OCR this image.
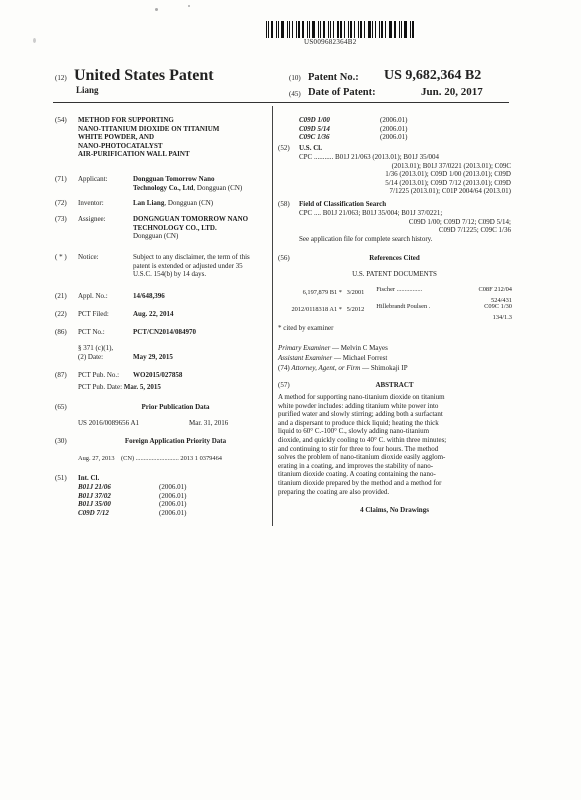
US009682364B2
(12) United States Patent
Liang
(10) Patent No.: US 9,682,364 B2
(45) Date of Patent:	Jun. 20, 2017
(54) METHOD FOR SUPPORTING
NANO-TITANIUM DIOXIDE ON TITANIUM
WHITE POWDER, AND
NANO-PHOTOCATALYST
AIR-PURIFICATION WALL PAINT
(71) Applicant:	Dongguan Tomorrow Nano
Technology Co., Ltd, Dongguan (CN)
(72) Inventor:	Lan Liang, Dongguan (CN)
(73) Assignee:	DONGNGUAN TOMORROW NANO
TECHNOLOGY CO., LTD.
Dongguan (CN)
( * ) Notice:	Subject to any disclaimer, the term of this
patent is extended or adjusted under 35
U.S.C. 154(b) by 14 days.
(21) Appl. No.:	14/648,396
(22) PCT Filed:	Aug. 22, 2014
(86) PCT No.:	PCT/CN2014/084970
§ 371 (c)(1),
(2) Date:	May 29, 2015
(87) PCT Pub. No.: WO2015/027858
PCT Pub. Date: Mar. 5, 2015
(65)	Prior Publication Data
US 2016/0089656 A1	Mar. 31, 2016
(30)	Foreign Application Priority Data
Aug. 27, 2013    (CN) ........................... 2013 1 0379464
(51) Int. Cl.
B01J 21/06	(2006.01)
B01J 37/02	(2006.01)
B01J 35/00	(2006.01)
C09D 7/12	(2006.01)
C09D 1/00	(2006.01)
C09D 5/14	(2006.01)
C09C 1/36	(2006.01)
(52) U.S. Cl.
CPC ........... B01J 21/063 (2013.01); B01J 35/004
(2013.01); B01J 37/0221 (2013.01); C09C
1/36 (2013.01); C09D 1/00 (2013.01); C09D
5/14 (2013.01); C09D 7/12 (2013.01); C09D
7/1225 (2013.01); C01P 2004/64 (2013.01)
(58) Field of Classification Search
CPC .... B01J 21/063; B01J 35/004; B01J 37/0221;
C09D 1/00; C09D 7/12; C09D 5/14;
C09D 7/1225; C09C 1/36
See application file for complete search history.
(56)	References Cited
U.S. PATENT DOCUMENTS
6,197,879 B1 * 3/2001 Fischer ................	C08F 212/04
524/431
2012/0118318 A1 * 5/2012 Hillebrandt Poulsen .	C09C 1/30
134/1.3
* cited by examiner
Primary Examiner — Melvin C Mayes
Assistant Examiner — Michael Forrest
(74) Attorney, Agent, or Firm — Shimokaji IP
(57)	ABSTRACT
A method for supporting nano-titanium dioxide on titanium
white powder includes: adding titanium white power into
purified water and slowly stirring; adding both a surfactant
and a dispersant to produce thick liquid; heating the thick
liquid to 60° C.-100° C., slowly adding nano-titanium
dioxide, and quickly cooling to 40° C. within three minutes;
and continuing to stir for three to four hours. The method
solves the problem of nano-titanium dioxide easily agglom-
erating in a coating, and improves the stability of nano-
titanium dioxide coating. A coating containing the nano-
titanium dioxide prepared by the method and a method for
preparing the coating are also provided.
4 Claims, No Drawings
